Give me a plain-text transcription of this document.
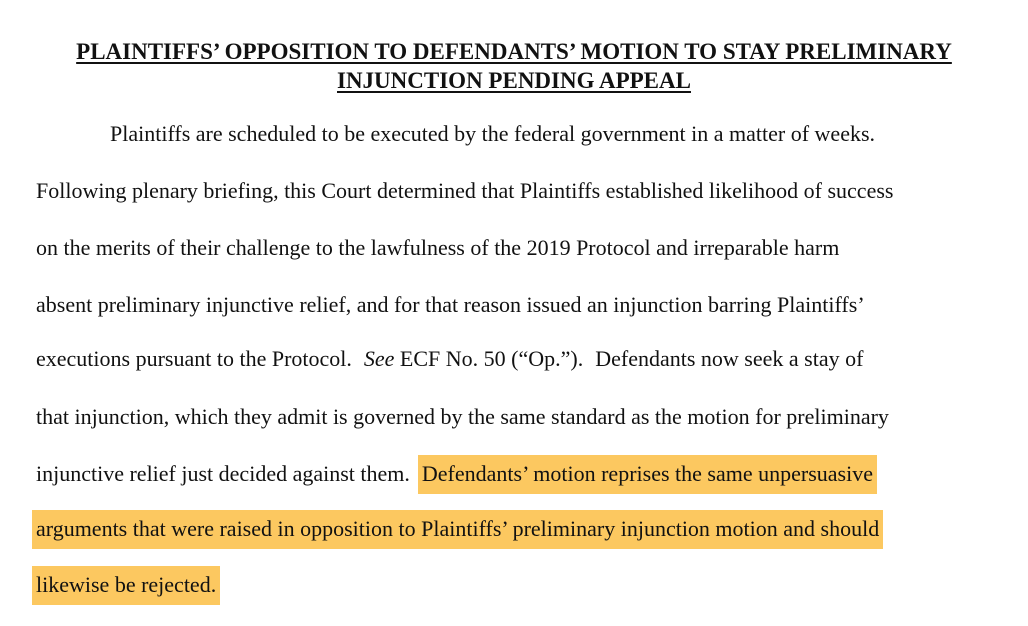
PLAINTIFFS’ OPPOSITION TO DEFENDANTS’ MOTION TO STAY PRELIMINARY
INJUNCTION PENDING APPEAL
Plaintiffs are scheduled to be executed by the federal government in a matter of weeks.
Following plenary briefing, this Court determined that Plaintiffs established likelihood of success
on the merits of their challenge to the lawfulness of the 2019 Protocol and irreparable harm
absent preliminary injunctive relief, and for that reason issued an injunction barring Plaintiffs’
executions pursuant to the Protocol. See ECF No. 50 (“Op.”). Defendants now seek a stay of
that injunction, which they admit is governed by the same standard as the motion for preliminary
injunctive relief just decided against them. Defendants’ motion reprises the same unpersuasive
arguments that were raised in opposition to Plaintiffs’ preliminary injunction motion and should
likewise be rejected.
